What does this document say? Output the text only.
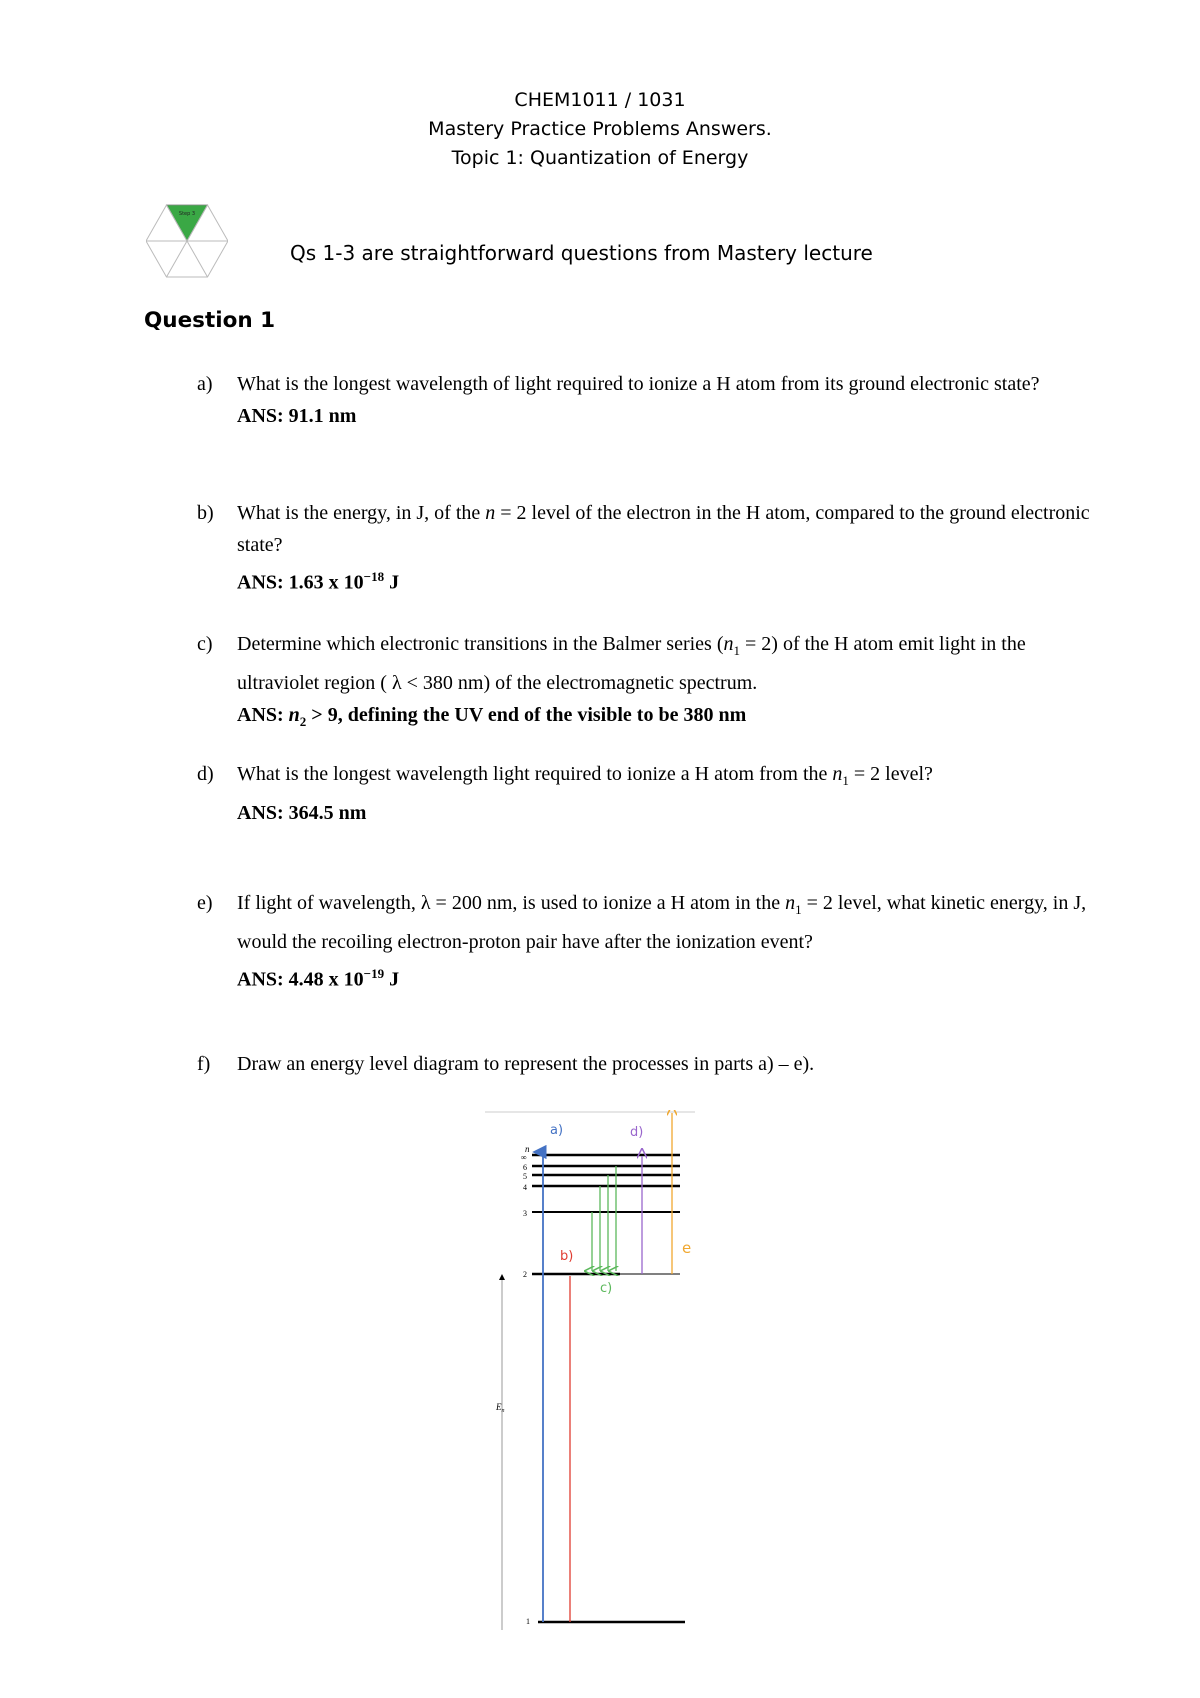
CHEM1011 / 1031
Mastery Practice Problems Answers.
Topic 1: Quantization of Energy
Step 3
Qs 1-3 are straightforward questions from Mastery lecture
Question 1
a)	What is the longest wavelength of light required to ionize a H atom from its ground electronic state?
ANS: 91.1 nm
b)	What is the energy, in J, of the n = 2 level of the electron in the H atom, compared to the ground electronic state?
ANS: 1.63 x $10^{-18}$ J
c)	Determine which electronic transitions in the Balmer series $(n_1 = 2)$ of the H atom emit light in the ultraviolet region ( λ < 380 nm) of the electromagnetic spectrum.
ANS: $n_2 > 9$, defining the UV end of the visible to be 380 nm
d)	What is the longest wavelength light required to ionize a H atom from the $n_1 = 2$ level?
ANS: 364.5 nm
e)	If light of wavelength, λ = 200 nm, is used to ionize a H atom in the $n_1 = 2$ level, what kinetic energy, in J, would the recoiling electron-proton pair have after the ionization event?
ANS: 4.48 x $10^{-19}$ J
f)	Draw an energy level diagram to represent the processes in parts a) – e).
n
$E_n$
∞
6
5
4
3
2
1
a)
b)
c)
d)
e
